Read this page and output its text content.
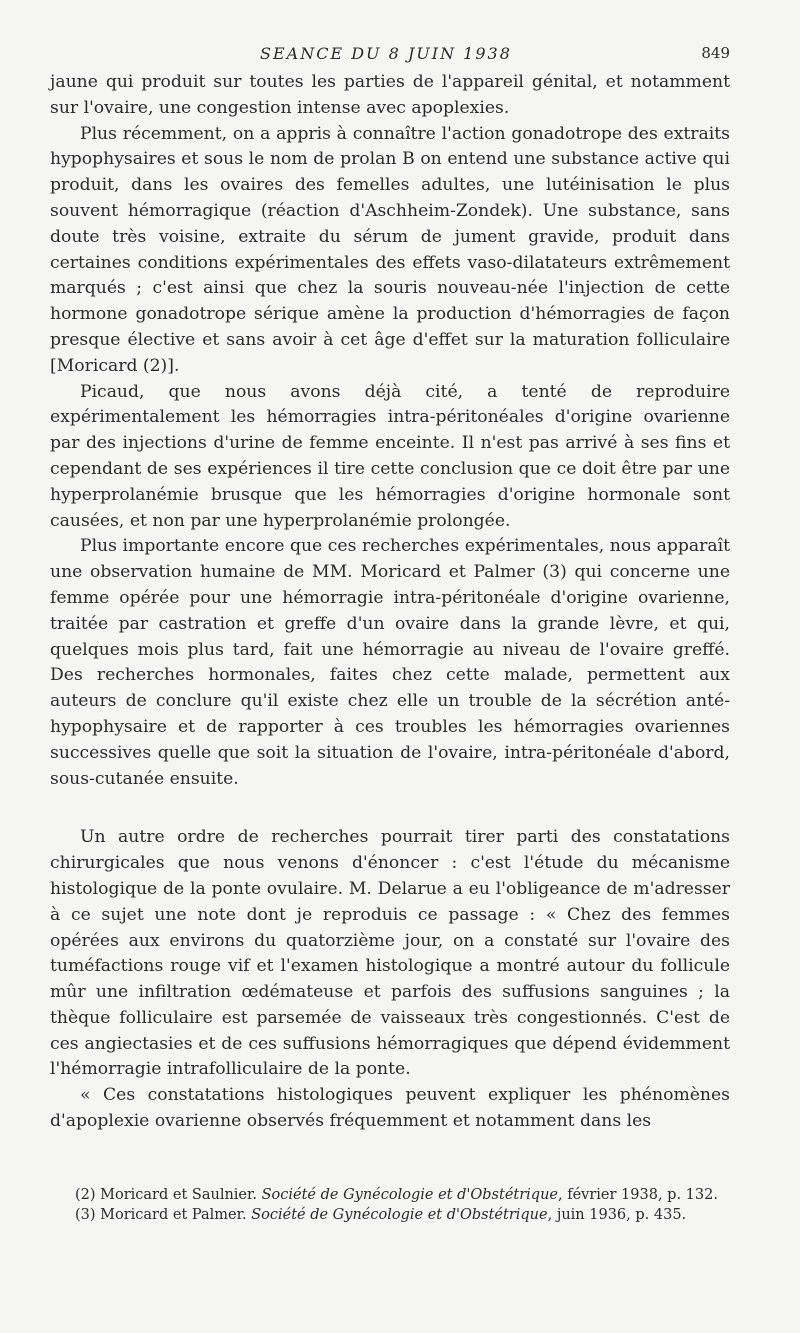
SEANCE DU 8 JUIN 1938	849

jaune qui produit sur toutes les parties de l'appareil génital, et notamment sur l'ovaire, une congestion intense avec apoplexies.

Plus récemment, on a appris à connaître l'action gonadotrope des extraits hypophysaires et sous le nom de prolan B on entend une substance active qui produit, dans les ovaires des femelles adultes, une lutéinisation le plus souvent hémorragique (réaction d'Aschheim-Zondek). Une substance, sans doute très voisine, extraite du sérum de jument gravide, produit dans certaines conditions expérimentales des effets vaso-dilatateurs extrêmement marqués ; c'est ainsi que chez la souris nouveau-née l'injection de cette hormone gonadotrope sérique amène la production d'hémorragies de façon presque élective et sans avoir à cet âge d'effet sur la maturation folliculaire [Moricard (2)].

Picaud, que nous avons déjà cité, a tenté de reproduire expérimentalement les hémorragies intra-péritonéales d'origine ovarienne par des injections d'urine de femme enceinte. Il n'est pas arrivé à ses fins et cependant de ses expériences il tire cette conclusion que ce doit être par une hyperprolanémie brusque que les hémorragies d'origine hormonale sont causées, et non par une hyperprolanémie prolongée.

Plus importante encore que ces recherches expérimentales, nous apparaît une observation humaine de MM. Moricard et Palmer (3) qui concerne une femme opérée pour une hémorragie intra-péritonéale d'origine ovarienne, traitée par castration et greffe d'un ovaire dans la grande lèvre, et qui, quelques mois plus tard, fait une hémorragie au niveau de l'ovaire greffé. Des recherches hormonales, faites chez cette malade, permettent aux auteurs de conclure qu'il existe chez elle un trouble de la sécrétion anté-hypophysaire et de rapporter à ces troubles les hémorragies ovariennes successives quelle que soit la situation de l'ovaire, intra-péritonéale d'abord, sous-cutanée ensuite.

Un autre ordre de recherches pourrait tirer parti des constatations chirurgicales que nous venons d'énoncer : c'est l'étude du mécanisme histologique de la ponte ovulaire. M. Delarue a eu l'obligeance de m'adresser à ce sujet une note dont je reproduis ce passage : « Chez des femmes opérées aux environs du quatorzième jour, on a constaté sur l'ovaire des tuméfactions rouge vif et l'examen histologique a montré autour du follicule mûr une infiltration œdémateuse et parfois des suffusions sanguines ; la thèque folliculaire est parsemée de vaisseaux très congestionnés. C'est de ces angiectasies et de ces suffusions hémorragiques que dépend évidemment l'hémorragie intrafolliculaire de la ponte.

« Ces constatations histologiques peuvent expliquer les phénomènes d'apoplexie ovarienne observés fréquemment et notamment dans les

(2) Moricard et Saulnier. Société de Gynécologie et d'Obstétrique, février 1938, p. 132.

(3) Moricard et Palmer. Société de Gynécologie et d'Obstétrique, juin 1936, p. 435.
